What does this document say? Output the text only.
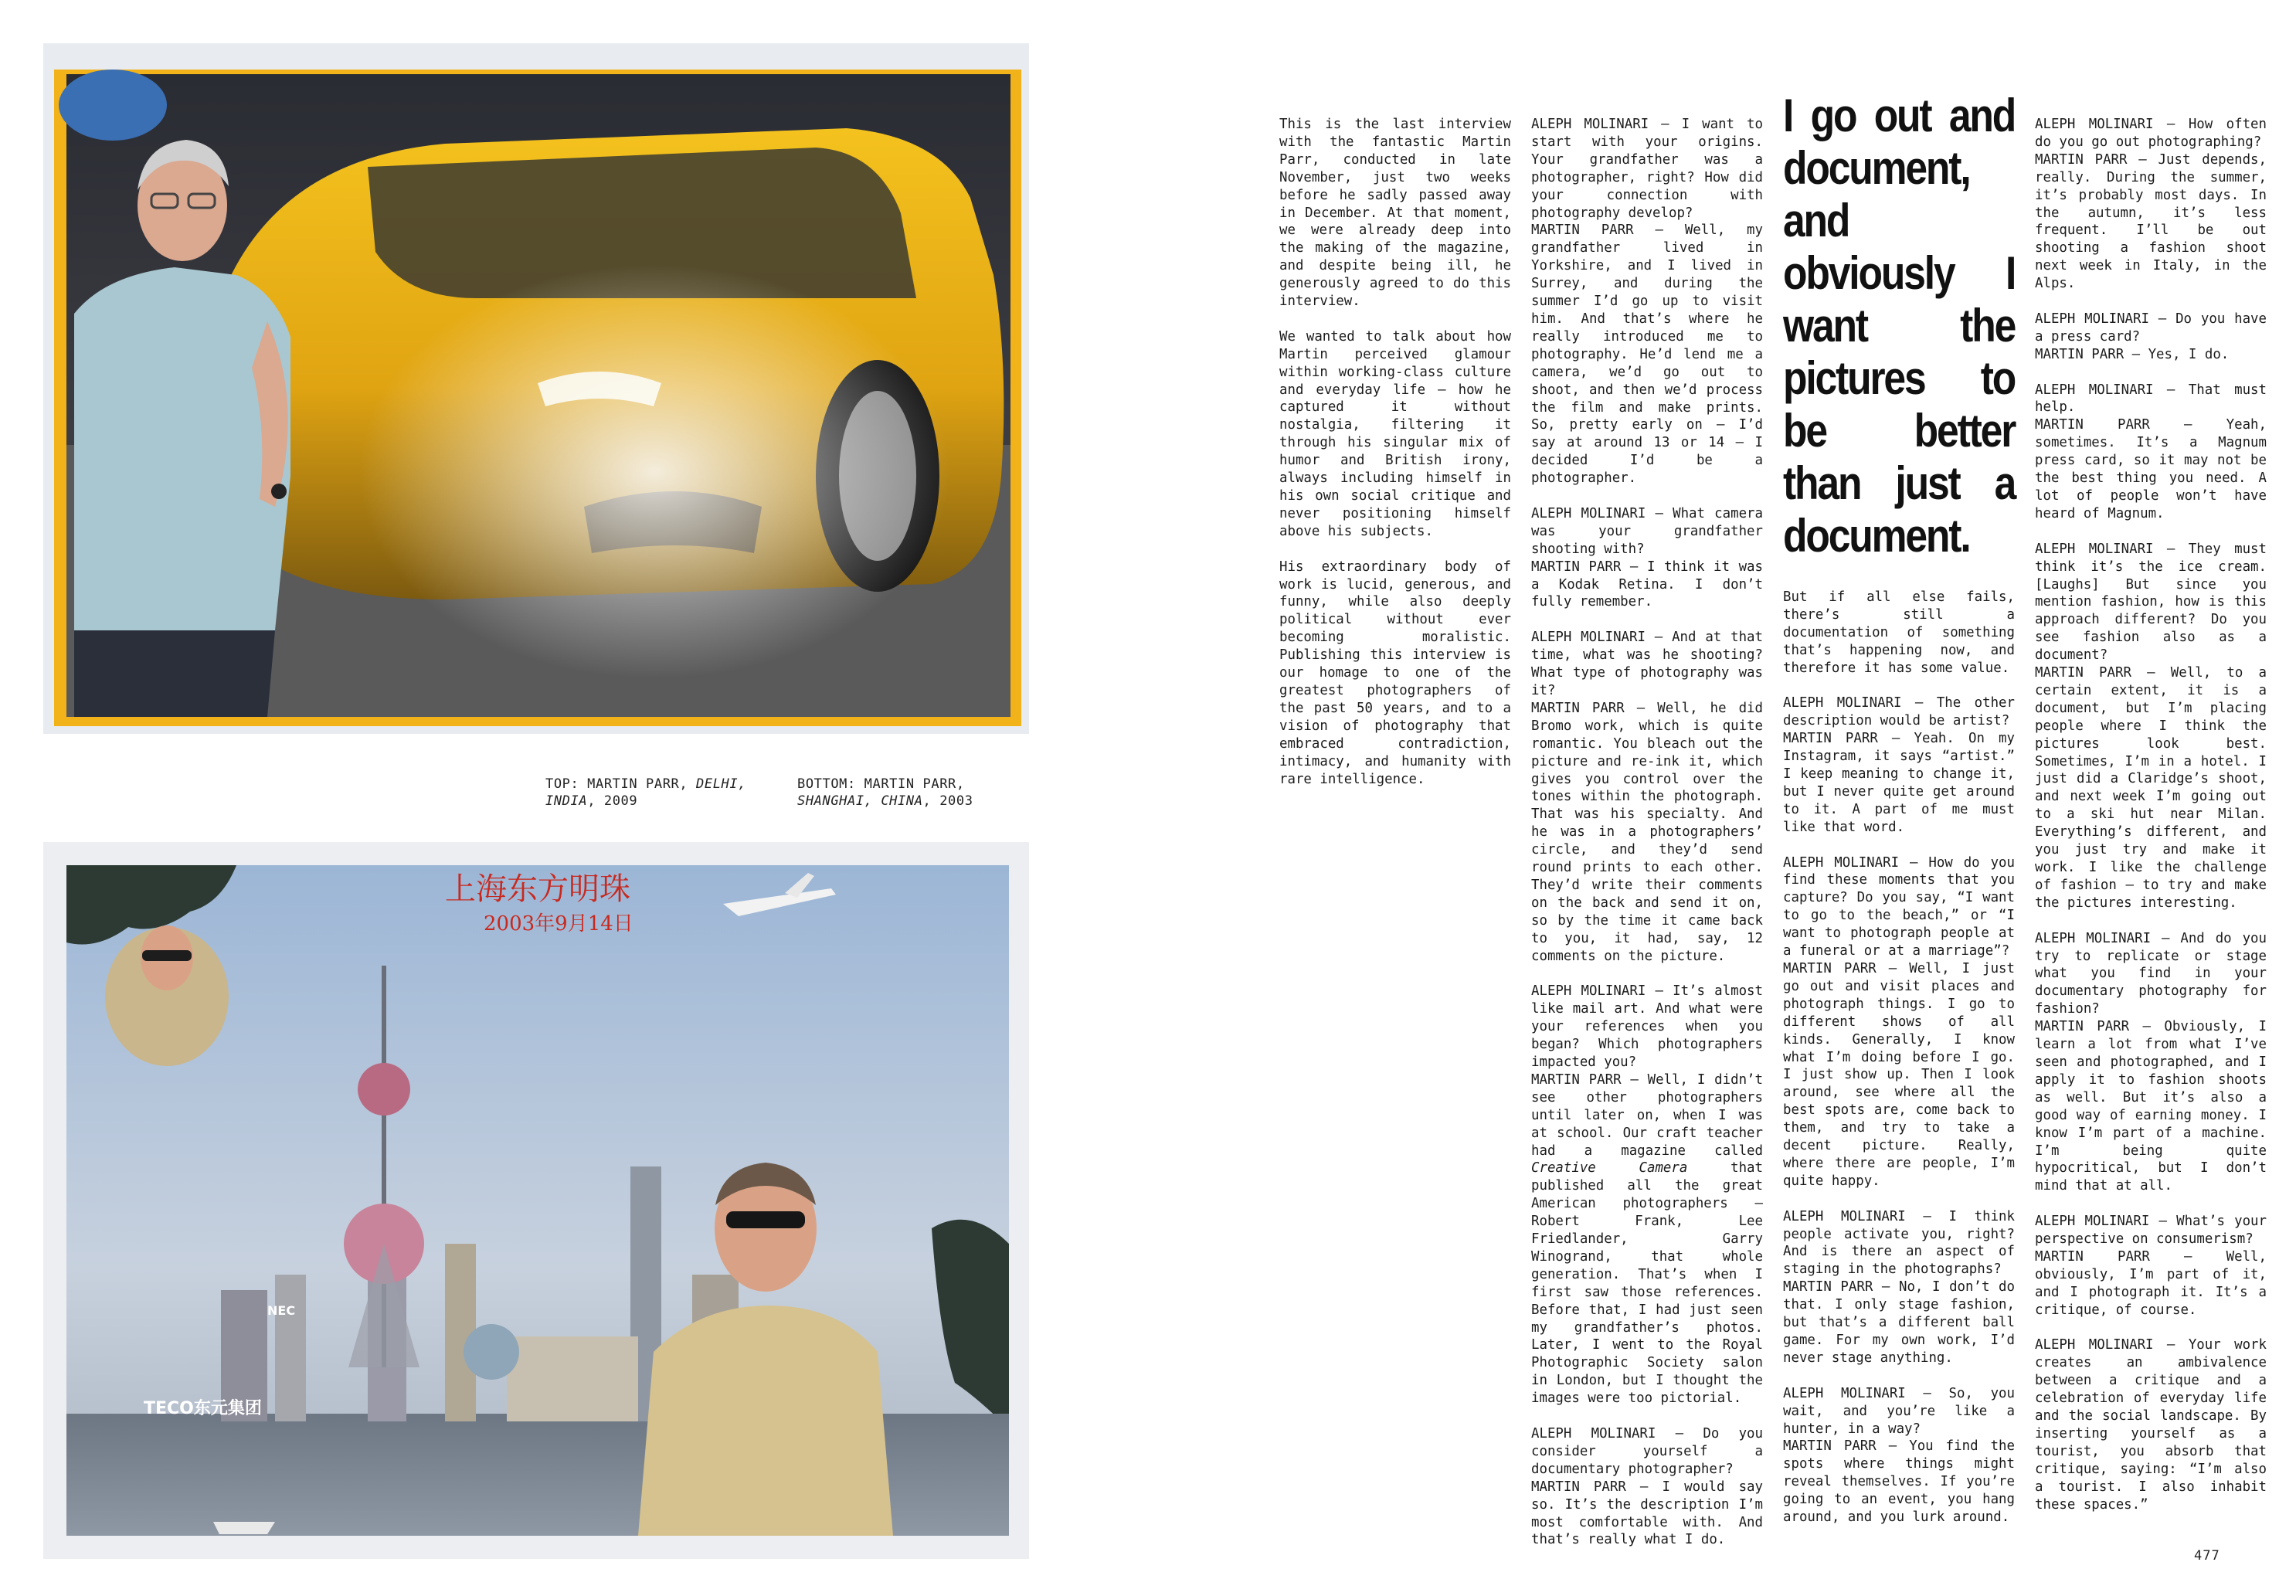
TOP: MARTIN PARR, DELHI, INDIA, 2009
BOTTOM: MARTIN PARR, SHANGHAI, CHINA, 2003
上海东方明珠
2003年9月14日
TECO东元集团
NEC

This is the last interview with the fantastic Martin Parr, conducted in late November, just two weeks before he sadly passed away in December. At that moment, we were already deep into the making of the magazine, and despite being ill, he generously agreed to do this interview.

We wanted to talk about how Martin perceived glamour within working-class culture and everyday life — how he captured it without nostalgia, filtering it through his singular mix of humor and British irony, always including himself in his own social critique and never positioning himself above his subjects.

His extraordinary body of work is lucid, generous, and funny, while also deeply political without ever becoming moralistic. Publishing this interview is our homage to one of the greatest photographers of the past 50 years, and to a vision of photography that embraced contradiction, intimacy, and humanity with rare intelligence.

ALEPH MOLINARI — I want to start with your origins. Your grandfather was a photographer, right? How did your connection with photography develop?
MARTIN PARR — Well, my grandfather lived in Yorkshire, and I lived in Surrey, and during the summer I’d go up to visit him. And that’s where he really introduced me to photography. He’d lend me a camera, we’d go out to shoot, and then we’d process the film and make prints. So, pretty early on — I’d say at around 13 or 14 — I decided I’d be a photographer.

ALEPH MOLINARI — What camera was your grandfather shooting with?
MARTIN PARR — I think it was a Kodak Retina. I don’t fully remember.

ALEPH MOLINARI — And at that time, what was he shooting? What type of photography was it?
MARTIN PARR — Well, he did Bromo work, which is quite romantic. You bleach out the picture and re-ink it, which gives you control over the tones within the photograph. That was his specialty. And he was in a photographers’ circle, and they’d send round prints to each other. They’d write their comments on the back and send it on, so by the time it came back to you, it had, say, 12 comments on the picture.

ALEPH MOLINARI — It’s almost like mail art. And what were your references when you began? Which photographers impacted you?
MARTIN PARR — Well, I didn’t see other photographers until later on, when I was at school. Our craft teacher had a magazine called Creative Camera that published all the great American photographers — Robert Frank, Lee Friedlander, Garry Winogrand, that whole generation. That’s when I first saw those references. Before that, I had just seen my grandfather’s photos. Later, I went to the Royal Photographic Society salon in London, but I thought the images were too pictorial.

ALEPH MOLINARI — Do you consider yourself a documentary photographer?
MARTIN PARR — I would say so. It’s the description I’m most comfortable with. And that’s really what I do.

I go out and document, and obviously I want the pictures to be better than just a document.

But if all else fails, there’s still a documentation of something that’s happening now, and therefore it has some value.

ALEPH MOLINARI — The other description would be artist?
MARTIN PARR — Yeah. On my Instagram, it says “artist.” I keep meaning to change it, but I never quite get around to it. A part of me must like that word.

ALEPH MOLINARI — How do you find these moments that you capture? Do you say, “I want to go to the beach,” or “I want to photograph people at a funeral or at a marriage”?
MARTIN PARR — Well, I just go out and visit places and photograph things. I go to different shows of all kinds. Generally, I know what I’m doing before I go. I just show up. Then I look around, see where all the best spots are, come back to them, and try to take a decent picture. Really, where there are people, I’m quite happy.

ALEPH MOLINARI — I think people activate you, right? And is there an aspect of staging in the photographs?
MARTIN PARR — No, I don’t do that. I only stage fashion, but that’s a different ball game. For my own work, I’d never stage anything.

ALEPH MOLINARI — So, you wait, and you’re like a hunter, in a way?
MARTIN PARR — You find the spots where things might reveal themselves. If you’re going to an event, you hang around, and you lurk around.

ALEPH MOLINARI — How often do you go out photographing?
MARTIN PARR — Just depends, really. During the summer, it’s probably most days. In the autumn, it’s less frequent. I’ll be out shooting a fashion shoot next week in Italy, in the Alps.

ALEPH MOLINARI — Do you have a press card?
MARTIN PARR — Yes, I do.

ALEPH MOLINARI — That must help.
MARTIN PARR — Yeah, sometimes. It’s a Magnum press card, so it may not be the best thing you need. A lot of people won’t have heard of Magnum.

ALEPH MOLINARI — They must think it’s the ice cream. [Laughs] But since you mention fashion, how is this approach different? Do you see fashion also as a document?
MARTIN PARR — Well, to a certain extent, it is a document, but I’m placing people where I think the pictures look best. Sometimes, I’m in a hotel. I just did a Claridge’s shoot, and next week I’m going out to a ski hut near Milan. Everything’s different, and you just try and make it work. I like the challenge of fashion — to try and make the pictures interesting.

ALEPH MOLINARI — And do you try to replicate or stage what you find in your documentary photography for fashion?
MARTIN PARR — Obviously, I learn a lot from what I’ve seen and photographed, and I apply it to fashion shoots as well. But it’s also a good way of earning money. I know I’m part of a machine. I’m being quite hypocritical, but I don’t mind that at all.

ALEPH MOLINARI — What’s your perspective on consumerism?
MARTIN PARR — Well, obviously, I’m part of it, and I photograph it. It’s a critique, of course.

ALEPH MOLINARI — Your work creates an ambivalence between a critique and a celebration of everyday life and the social landscape. By inserting yourself as a tourist, you absorb that critique, saying: “I’m also a tourist. I also inhabit these spaces.”

477
